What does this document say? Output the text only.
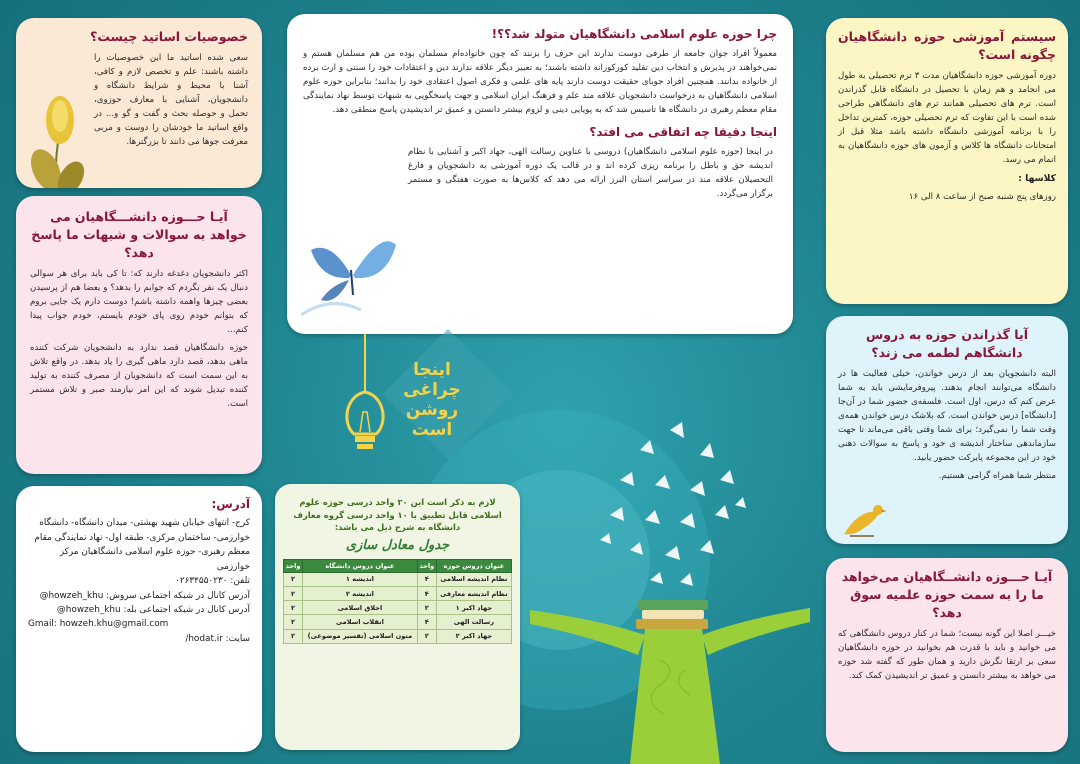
خصوصیات اساتید چیست؟

سعی شده اساتید ما این خصوصیات را داشته باشند: علم و تخصص لازم و کافی، آشنا با محیط و شرایط دانشگاه و دانشجویان، آشنایی با معارف حوزوی، تحمل و حوصله بحث و گفت و گو و... در واقع اساتید ما خودشان را دوست و مربی معرفت جوها می دانند تا بزرگترها.

آیـا حـــوزه دانشـــگاهیان می خواهد به سوالات و شبهات ما پاسخ دهد؟

اکثر دانشجویان دغدغه دارند که: تا کی باید برای هر سوالی دنبال یک نفر بگردم که جوابم را بدهد؟ و بعضا هم از پرسیدن بعضی چیزها واهمه داشته باشم! دوست دارم یک جایی بروم که بتوانم خودم روی پای خودم بایستم، خودم جواب پیدا کنم...

حوزه دانشگاهیان قصد ندارد به دانشجویان شرکت کننده ماهی بدهد، قصد دارد ماهی گیری را یاد بدهد. در واقع تلاش به این سمت است که دانشجویان از مصرف کننده به تولید کننده تبدیل شوند که این امر نیازمند صبر و تلاش مستمر است.

آدرس:

کرج- انتهای خیابان شهید بهشتی- میدان دانشگاه- دانشگاه خوارزمی- ساختمان مرکزی- طبقه اول- نهاد نمایندگی مقام معظم رهبری- حوزه علوم اسلامی دانشگاهیان مرکز خوارزمی

تلفن: ۰۲۶۳۴۵۵۰۲۳۰

آدرس کانال در شبکه اجتماعی سروش: howzeh_khu@

آدرس کانال در شبکه اجتماعی بله: howzeh_khu@

Gmail: howzeh.khu@gmail.com

سایت: hodat.ir/

چرا حوزه علوم اسلامی دانشگاهیان متولد شد؟؟!

معمولاً افراد جوان جامعه از طرفی دوست ندارند این حرف را بزنند که چون خانواده‌ام مسلمان بوده من هم مسلمان هستم و نمی‌خواهند در پذیرش و انتخاب دین تقلید کورکورانه داشته باشند؛ به تعبیر دیگر علاقه ندارند دین و اعتقادات خود را سنتی و ارث برده از خانواده بدانند. همچنین افراد جویای حقیقت دوست دارند پایه های علمی و فکری اصول اعتقادی خود را بدانند؛ بنابراین حوزه علوم اسلامی دانشگاهیان به درخواست دانشجویان علاقه مند علم و فرهنگ ایران اسلامی و جهت پاسخگویی به شبهات توسط نهاد نمایندگی مقام معظم رهبری در دانشگاه ها تاسیس شد که به پویایی دینی و لزوم بیشتر دانستن و عمیق تر اندیشیدن پاسخ منطقی دهد.

اینجا دقیقا چه اتفاقی می افتد؟

در اینجا (حوزه علوم اسلامی دانشگاهیان) دروسی با عناوین رسالت الهی، جهاد اکبر و آشنایی با نظام اندیشه حق و باطل را برنامه ریزی کرده اند و در قالب یک دوره آموزشی به دانشجویان و فارغ التحصیلان علاقه مند در سراسر استان البرز ارائه می دهد که کلاس‌ها به صورت هفتگی و مستمر برگزار می‌گردد.

سیستم آموزشی حوزه دانشگاهیان چگونه است؟

دوره آموزشی حوزه دانشگاهیان مدت ۳ ترم تحصیلی به طول می انجامد و هم زمان با تحصیل در دانشگاه قابل گذراندن است. ترم های تحصیلی همانند ترم های دانشگاهی طراحی شده است با این تفاوت که ترم تحصیلی حوزه، کمترین تداخل را با برنامه آموزشی دانشگاه داشته باشد مثلا قبل از امتحانات دانشگاه ها کلاس و آزمون های حوزه دانشگاهیان به اتمام می رسد.

کلاسها :

روزهای پنج شنبه صبح از ساعت ۸ الی ۱۶

آیا گذراندن حوزه به دروس دانشگاهم لطمه می زند؟

البته دانشجویان بعد از درس خواندن، خیلی فعالیت ها در دانشگاه می‌توانند انجام بدهند. پیروفرمایشی باید به شما عرض کنم که درس، اول است. فلسفه‌ی حضور شما در آن‌جا [دانشگاه] درس خواندن است. که بلاشک درس خواندن همه‌ی وقت شما را نمی‌گیرد؛ برای شما وقتی باقی می‌ماند تا جهت سازماندهی ساختار اندیشه ی خود و پاسخ به سوالات ذهنی خود در این مجموعه پایرکت حضور یابید.

منتظر شما همراه گرامی هستیم.

آیـا حـــوزه دانشــگاهیان می‌خواهد ما را به سمت حوزه علمیه سوق دهد؟

خیـــر اصلا این گونه نیست؛ شما در کنار دروس دانشگاهی که می خوانید و باید با قدرت هم بخوانید در حوزه دانشگاهیان سعی بر ارتقا نگرش دارید و همان طور که گفته شد حوزه می خواهد به بیشتر دانستن و عمیق تر اندیشیدن کمک کند.

اینجا
چراغی
روشن
است
لازم به ذکر است این ۲۰ واحد درسی حوزه علوم اسلامی قابل تطبیق با ۱۰ واحد درسی گروه معارف دانشگاه به شرح ذیل می باشد:
جدول معادل سازی
عنوان دروس حوزه	واحد	عنوان دروس دانشگاه	واحد
نظام اندیشه اسلامی	۴	اندیشه ۱	۲
نظام اندیشه معارفی	۴	اندیشه ۲	۲
جهاد اکبر ۱	۲	اخلاق اسلامی	۲
رسالت الهی	۴	انقلاب اسلامی	۲
جهاد اکبر ۲	۲	متون اسلامی (تفسیر موضوعی)	۲
